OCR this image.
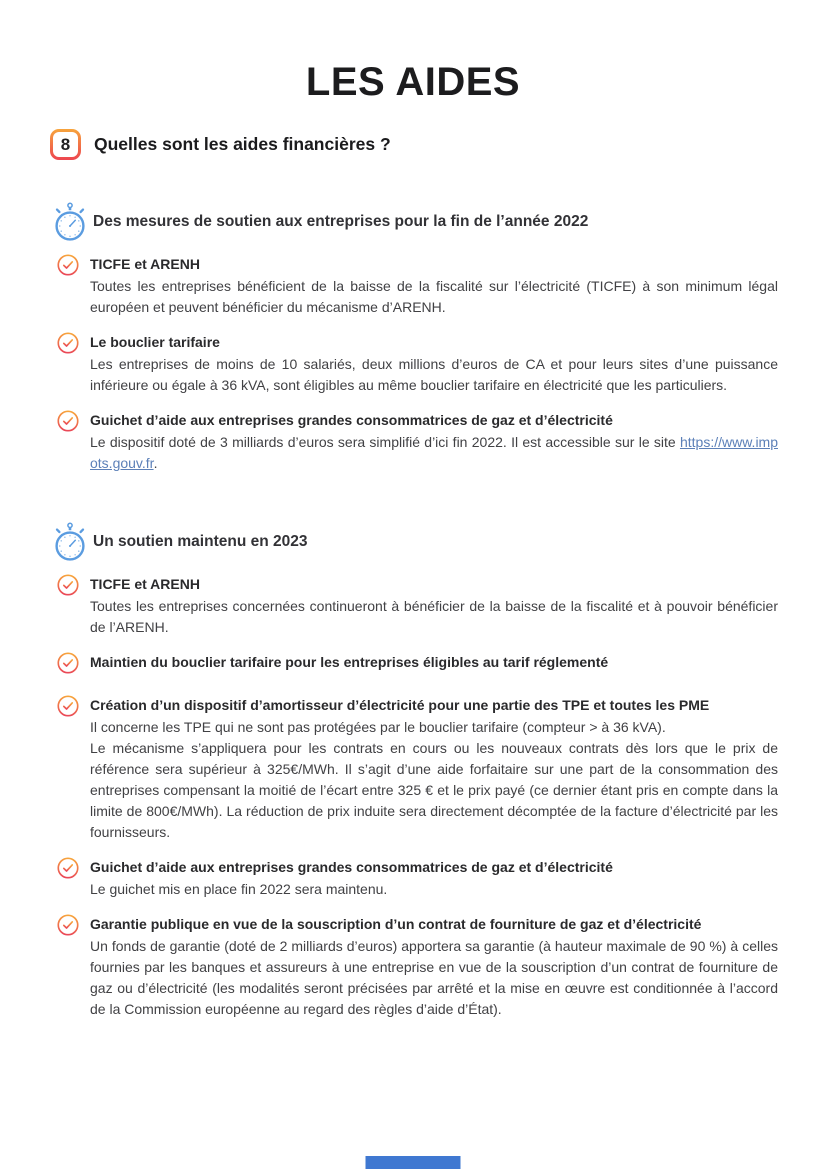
LES AIDES
8	Quelles sont les aides financières ?
Des mesures de soutien aux entreprises pour la fin de l’année 2022
TICFE et ARENH

Toutes les entreprises bénéficient de la baisse de la fiscalité sur l’électricité (TICFE) à son minimum légal européen et peuvent bénéficier du mécanisme d’ARENH.

Le bouclier tarifaire

Les entreprises de moins de 10 salariés, deux millions d’euros de CA et pour leurs sites d’une puissance inférieure ou égale à 36 kVA, sont éligibles au même bouclier tarifaire en électricité que les particuliers.

Guichet d’aide aux entreprises grandes consommatrices de gaz et d’électricité

Le dispositif doté de 3 milliards d’euros sera simplifié d’ici fin 2022. Il est accessible sur le site https://www.impots.gouv.fr.

Un soutien maintenu en 2023
TICFE et ARENH

Toutes les entreprises concernées continueront à bénéficier de la baisse de la fiscalité et à pouvoir bénéficier de l’ARENH.

Maintien du bouclier tarifaire pour les entreprises éligibles au tarif réglementé
Création d’un dispositif d’amortisseur d’électricité pour une partie des TPE et toutes les PME

Il concerne les TPE qui ne sont pas protégées par le bouclier tarifaire (compteur > à 36 kVA).

Le mécanisme s’appliquera pour les contrats en cours ou les nouveaux contrats dès lors que le prix de référence sera supérieur à 325€/MWh. Il s’agit d’une aide forfaitaire sur une part de la consommation des entreprises compensant la moitié de l’écart entre 325 € et le prix payé (ce dernier étant pris en compte dans la limite de 800€/MWh). La réduction de prix induite sera directement décomptée de la facture d’électricité par les fournisseurs.

Guichet d’aide aux entreprises grandes consommatrices de gaz et d’électricité

Le guichet mis en place fin 2022 sera maintenu.

Garantie publique en vue de la souscription d’un contrat de fourniture de gaz et d’électricité

Un fonds de garantie (doté de 2 milliards d’euros) apportera sa garantie (à hauteur maximale de 90 %) à celles fournies par les banques et assureurs à une entreprise en vue de la souscription d’un contrat de fourniture de gaz ou d’électricité (les modalités seront précisées par arrêté et la mise en œuvre est conditionnée à l’accord de la Commission européenne au regard des règles d’aide d’État).
